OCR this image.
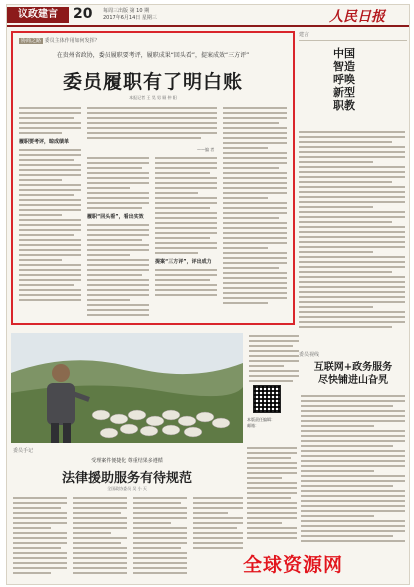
议政建言	20 每周三出版 第 10 期
2017年6月14日 星期三	人民日报
协商之路 委员主体作用如何发挥？
在贵州省政协，委员履职要考评，履职成果“回头看”，提案成效“三方评”
委员履职有了明白账
本报记者 王 昊 男 顾 仲 阳
履职要考评，晾成绩单
——编 者
履职“回头看”，看出实效
提案“三方评”，评出成力
建言
中国
智造
呼唤
新型
职教
本版责任编辑：
邮箱：
委员视线
互联网+政务服务
尽快铺进山旮旯
委员手记
受理案件便捷化 尊重结果多遵循
法律援助服务有待规范
全国政协委员 吴 小 天
全球资源网
